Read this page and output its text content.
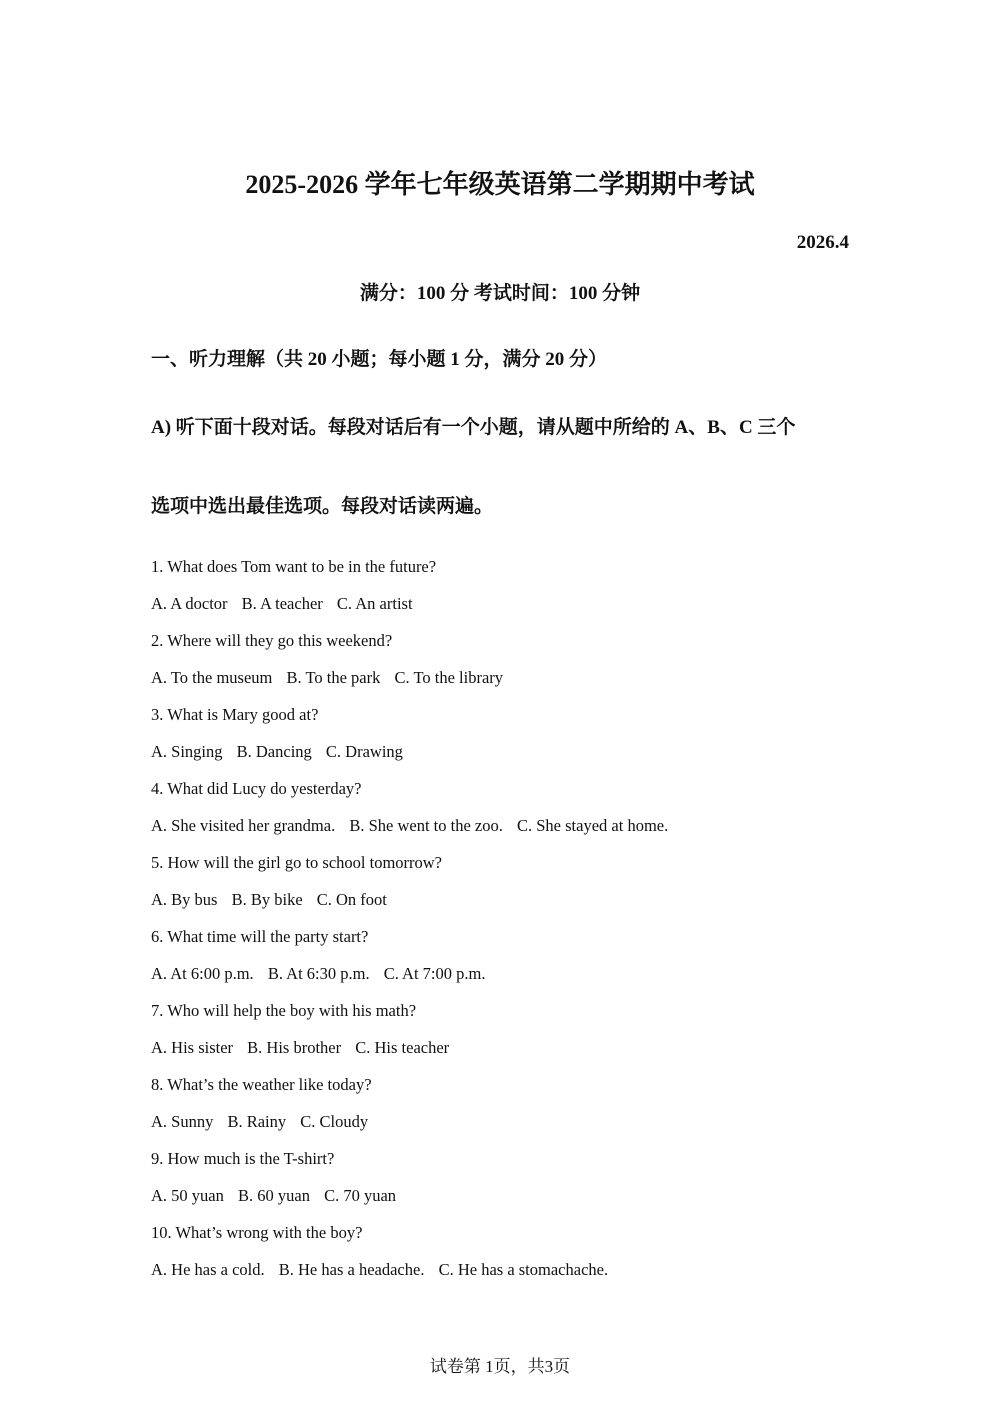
2025-2026 学年七年级英语第二学期期中考试
2026.4
满分：100 分 考试时间：100 分钟
一、听力理解（共 20 小题；每小题 1 分，满分 20 分）
A) 听下面十段对话。每段对话后有一个小题，请从题中所给的 A、B、C 三个
选项中选出最佳选项。每段对话读两遍。
1. What does Tom want to be in the future?
A. A doctor B. A teacher C. An artist
2. Where will they go this weekend?
A. To the museum B. To the park C. To the library
3. What is Mary good at?
A. Singing B. Dancing C. Drawing
4. What did Lucy do yesterday?
A. She visited her grandma. B. She went to the zoo. C. She stayed at home.
5. How will the girl go to school tomorrow?
A. By bus B. By bike C. On foot
6. What time will the party start?
A. At 6:00 p.m. B. At 6:30 p.m. C. At 7:00 p.m.
7. Who will help the boy with his math?
A. His sister B. His brother C. His teacher
8. What’s the weather like today?
A. Sunny B. Rainy C. Cloudy
9. How much is the T-shirt?
A. 50 yuan B. 60 yuan C. 70 yuan
10. What’s wrong with the boy?
A. He has a cold. B. He has a headache. C. He has a stomachache.
试卷第 1页，共3页
